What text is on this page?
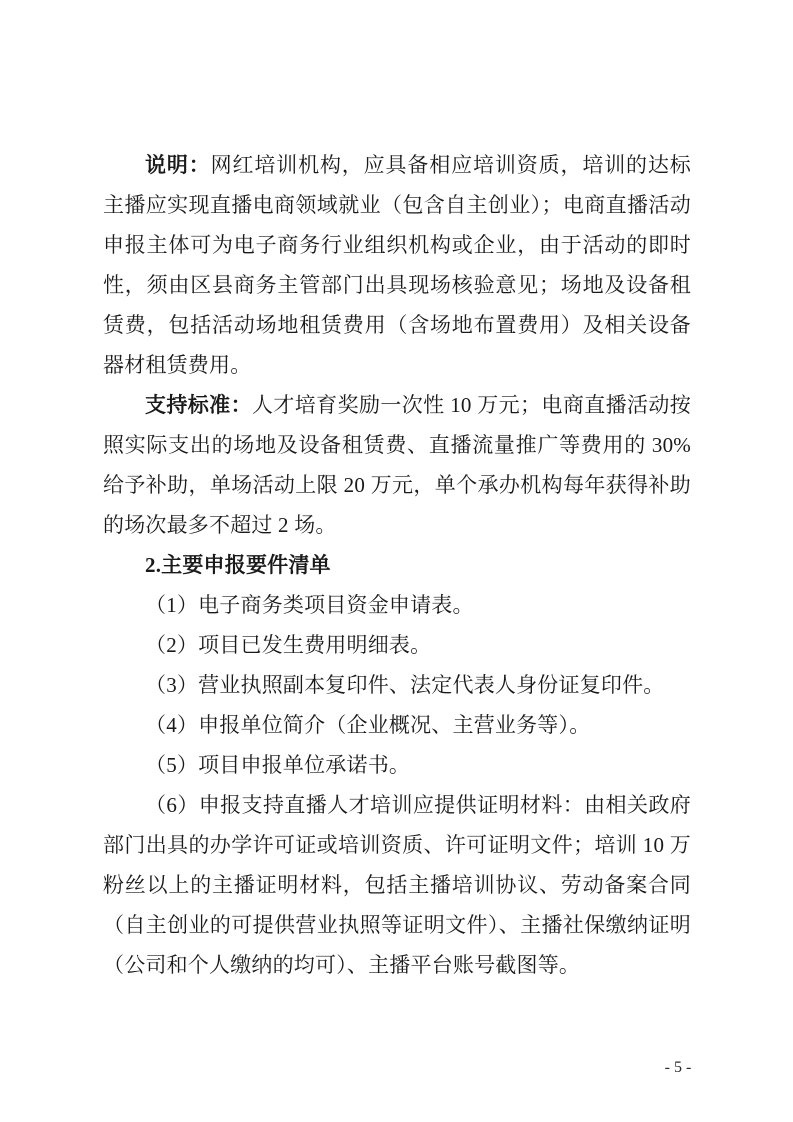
说明：网红培训机构，应具备相应培训资质，培训的达标主播应实现直播电商领域就业（包含自主创业）；电商直播活动申报主体可为电子商务行业组织机构或企业，由于活动的即时性，须由区县商务主管部门出具现场核验意见；场地及设备租赁费，包括活动场地租赁费用（含场地布置费用）及相关设备器材租赁费用。

支持标准：人才培育奖励一次性 10 万元；电商直播活动按照实际支出的场地及设备租赁费、直播流量推广等费用的 30%给予补助，单场活动上限 20 万元，单个承办机构每年获得补助的场次最多不超过 2 场。

2.主要申报要件清单

（1）电子商务类项目资金申请表。

（2）项目已发生费用明细表。

（3）营业执照副本复印件、法定代表人身份证复印件。

（4）申报单位简介（企业概况、主营业务等）。

（5）项目申报单位承诺书。

（6）申报支持直播人才培训应提供证明材料：由相关政府部门出具的办学许可证或培训资质、许可证明文件；培训 10 万粉丝以上的主播证明材料，包括主播培训协议、劳动备案合同（自主创业的可提供营业执照等证明文件）、主播社保缴纳证明（公司和个人缴纳的均可）、主播平台账号截图等。

- 5 -
